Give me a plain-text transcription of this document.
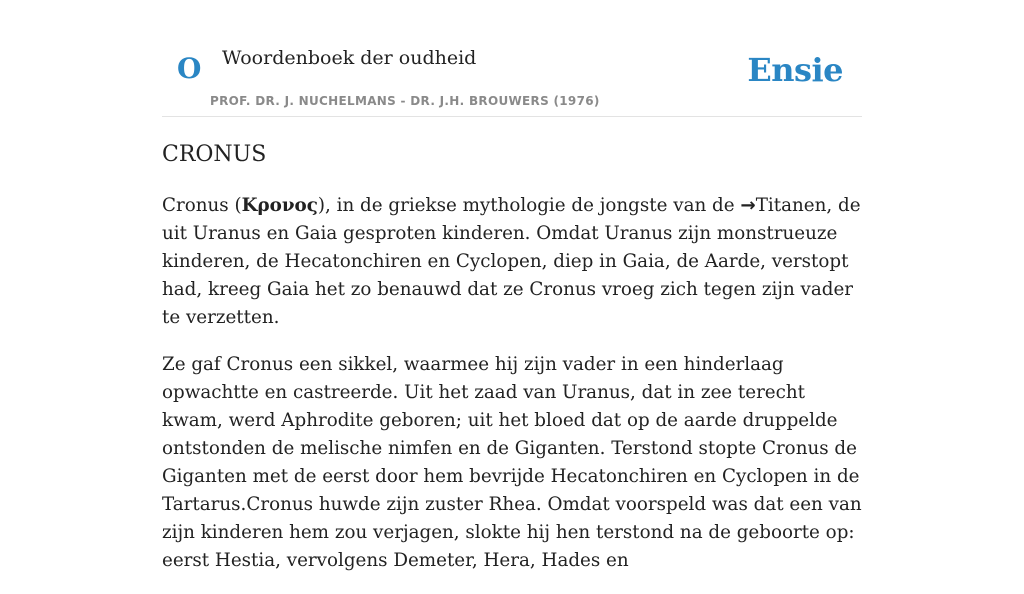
O Woordenboek der oudheid
PROF. DR. J. NUCHELMANS - DR. J.H. BROUWERS (1976)
Ensie
CRONUS

Cronus (Κρονος), in de griekse mythologie de jongste van de →Titanen, de uit Uranus en Gaia gesproten kinderen. Omdat Uranus zijn monstrueuze kinderen, de Hecatonchiren en Cyclopen, diep in Gaia, de Aarde, verstopt had, kreeg Gaia het zo benauwd dat ze Cronus vroeg zich tegen zijn vader te verzetten.

Ze gaf Cronus een sikkel, waarmee hij zijn vader in een hinderlaag opwachtte en castreerde. Uit het zaad van Uranus, dat in zee terecht kwam, werd Aphrodite geboren; uit het bloed dat op de aarde druppelde ontstonden de melische nimfen en de Giganten. Terstond stopte Cronus de Giganten met de eerst door hem bevrijde Hecatonchiren en Cyclopen in de Tartarus.Cronus huwde zijn zuster Rhea. Omdat voorspeld was dat een van zijn kinderen hem zou verjagen, slokte hij hen terstond na de geboorte op: eerst Hestia, vervolgens Demeter, Hera, Hades en
